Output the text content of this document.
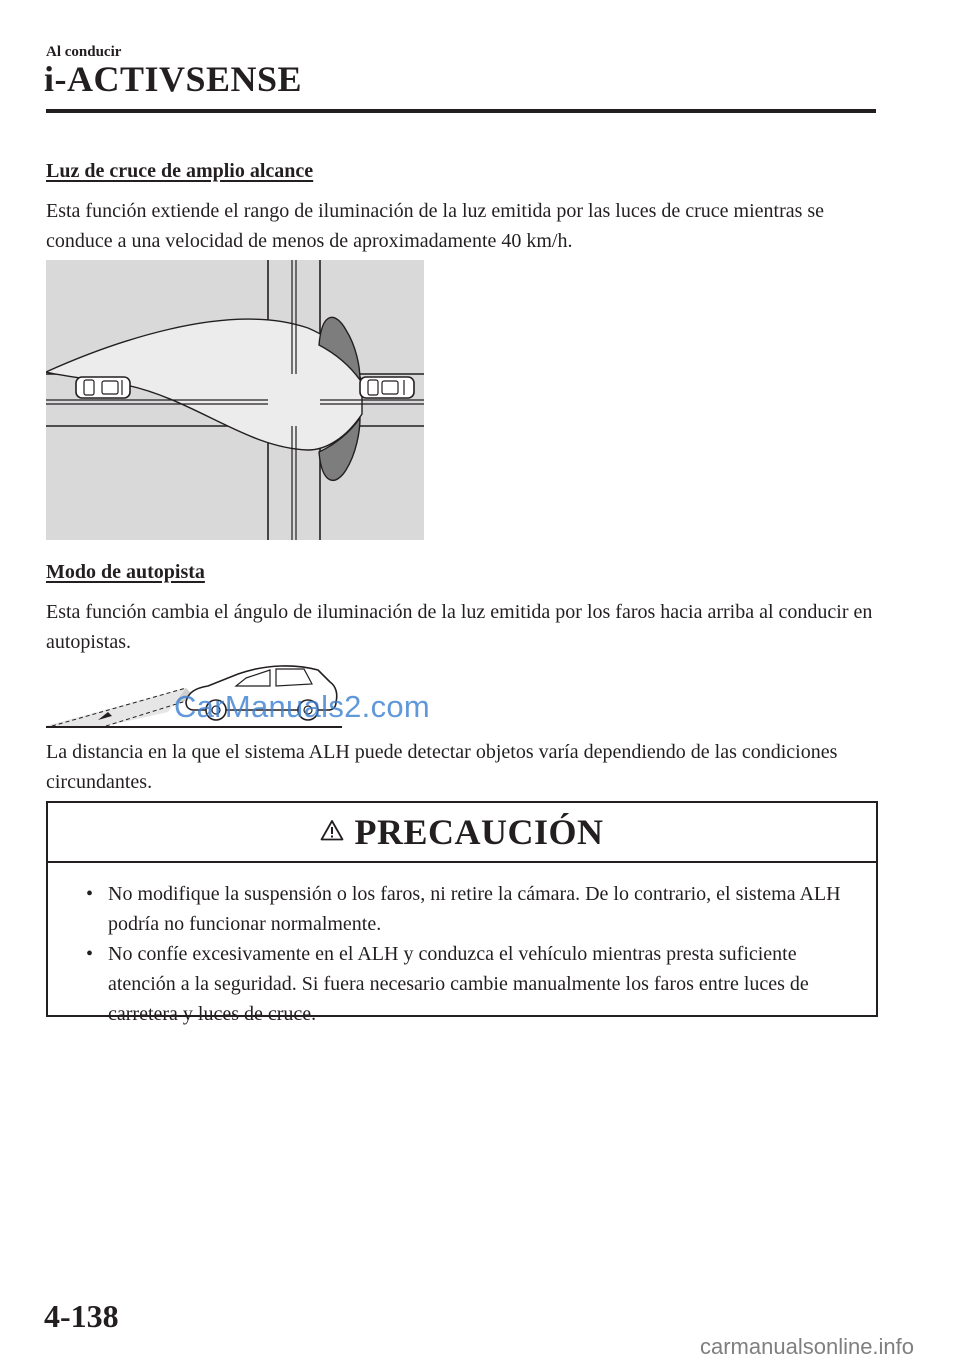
Al conducir
i-ACTIVSENSE
Luz de cruce de amplio alcance
Esta función extiende el rango de iluminación de la luz emitida por las luces de cruce mientras se conduce a una velocidad de menos de aproximadamente 40 km/h.
Modo de autopista
Esta función cambia el ángulo de iluminación de la luz emitida por los faros hacia arriba al conducir en autopistas.
CarManuals2.com
La distancia en la que el sistema ALH puede detectar objetos varía dependiendo de las condiciones circundantes.
PRECAUCIÓN
• No modifique la suspensión o los faros, ni retire la cámara. De lo contrario, el sistema ALH podría no funcionar normalmente.
• No confíe excesivamente en el ALH y conduzca el vehículo mientras presta suficiente atención a la seguridad. Si fuera necesario cambie manualmente los faros entre luces de carretera y luces de cruce.
4-138
carmanualsonline.info
